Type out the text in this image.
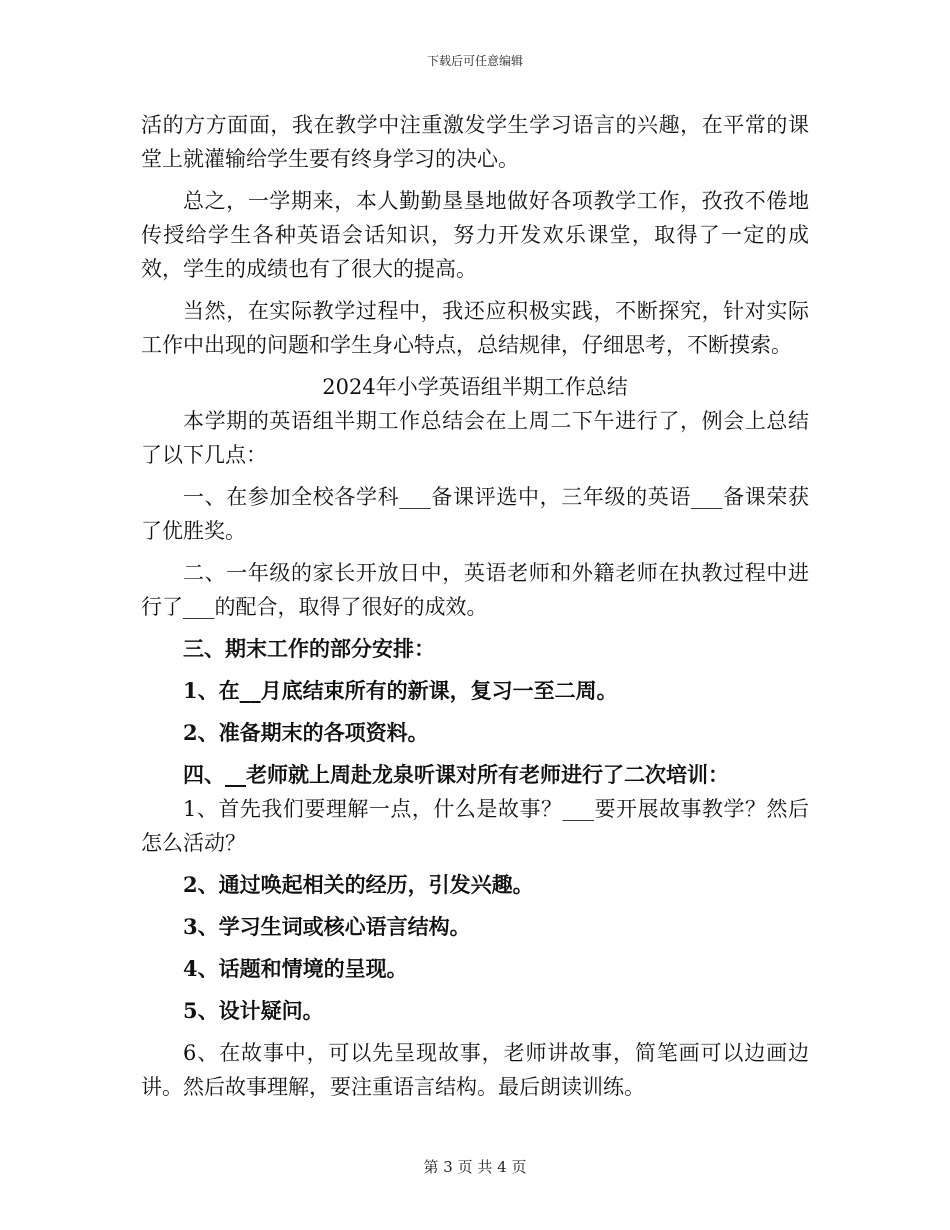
下载后可任意编辑

活的方方面面，我在教学中注重激发学生学习语言的兴趣，在平常的课堂上就灌输给学生要有终身学习的决心。

总之，一学期来，本人勤勤垦垦地做好各项教学工作，孜孜不倦地传授给学生各种英语会话知识，努力开发欢乐课堂，取得了一定的成效，学生的成绩也有了很大的提高。

当然，在实际教学过程中，我还应积极实践，不断探究，针对实际工作中出现的问题和学生身心特点，总结规律，仔细思考，不断摸索。

2024年小学英语组半期工作总结

本学期的英语组半期工作总结会在上周二下午进行了，例会上总结了以下几点：

一、在参加全校各学科___备课评选中，三年级的英语___备课荣获了优胜奖。

二、一年级的家长开放日中，英语老师和外籍老师在执教过程中进行了___的配合，取得了很好的成效。

三、期末工作的部分安排：

1、在__月底结束所有的新课，复习一至二周。

2、准备期末的各项资料。

四、__老师就上周赴龙泉听课对所有老师进行了二次培训：

1、首先我们要理解一点，什么是故事？___要开展故事教学？然后怎么活动？

2、通过唤起相关的经历，引发兴趣。

3、学习生词或核心语言结构。

4、话题和情境的呈现。

5、设计疑问。

6、在故事中，可以先呈现故事，老师讲故事，简笔画可以边画边讲。然后故事理解，要注重语言结构。最后朗读训练。

第 3 页 共 4 页
